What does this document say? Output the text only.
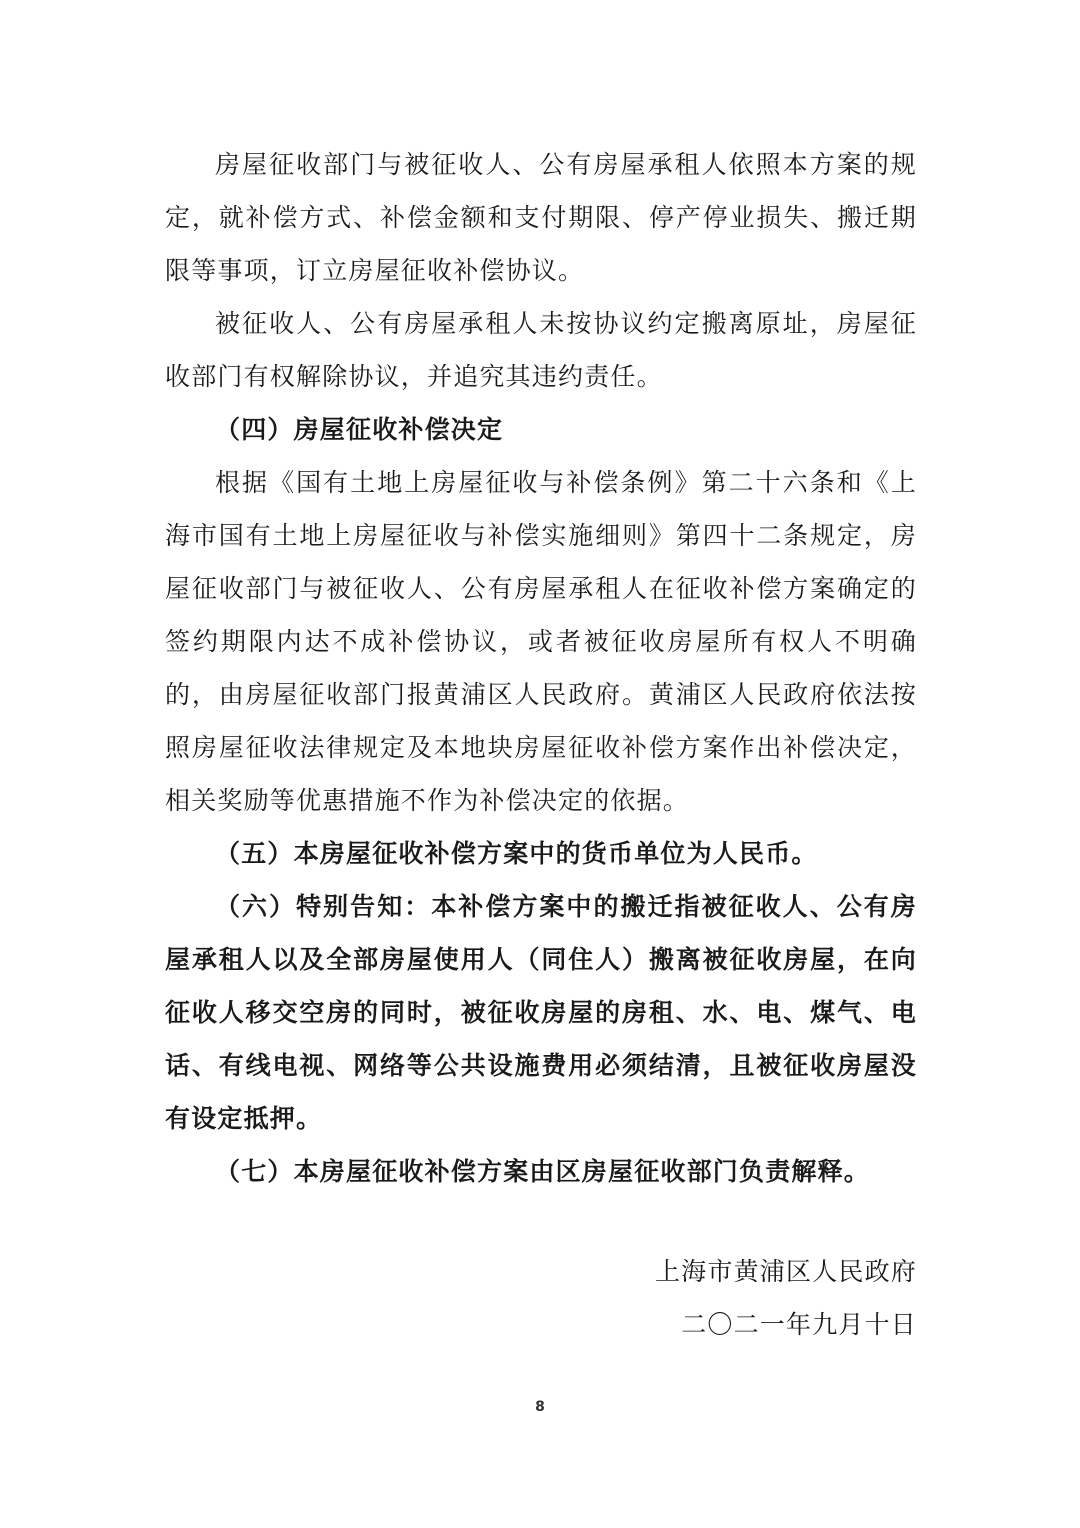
房屋征收部门与被征收人、公有房屋承租人依照本方案的规定，就补偿方式、补偿金额和支付期限、停产停业损失、搬迁期限等事项，订立房屋征收补偿协议。

被征收人、公有房屋承租人未按协议约定搬离原址，房屋征收部门有权解除协议，并追究其违约责任。

（四）房屋征收补偿决定

根据《国有土地上房屋征收与补偿条例》第二十六条和《上海市国有土地上房屋征收与补偿实施细则》第四十二条规定，房屋征收部门与被征收人、公有房屋承租人在征收补偿方案确定的签约期限内达不成补偿协议，或者被征收房屋所有权人不明确的，由房屋征收部门报黄浦区人民政府。黄浦区人民政府依法按照房屋征收法律规定及本地块房屋征收补偿方案作出补偿决定，相关奖励等优惠措施不作为补偿决定的依据。

（五）本房屋征收补偿方案中的货币单位为人民币。

（六）特别告知：本补偿方案中的搬迁指被征收人、公有房屋承租人以及全部房屋使用人（同住人）搬离被征收房屋，在向征收人移交空房的同时，被征收房屋的房租、水、电、煤气、电话、有线电视、网络等公共设施费用必须结清，且被征收房屋没有设定抵押。

（七）本房屋征收补偿方案由区房屋征收部门负责解释。

上海市黄浦区人民政府
二〇二一年九月十日
8
